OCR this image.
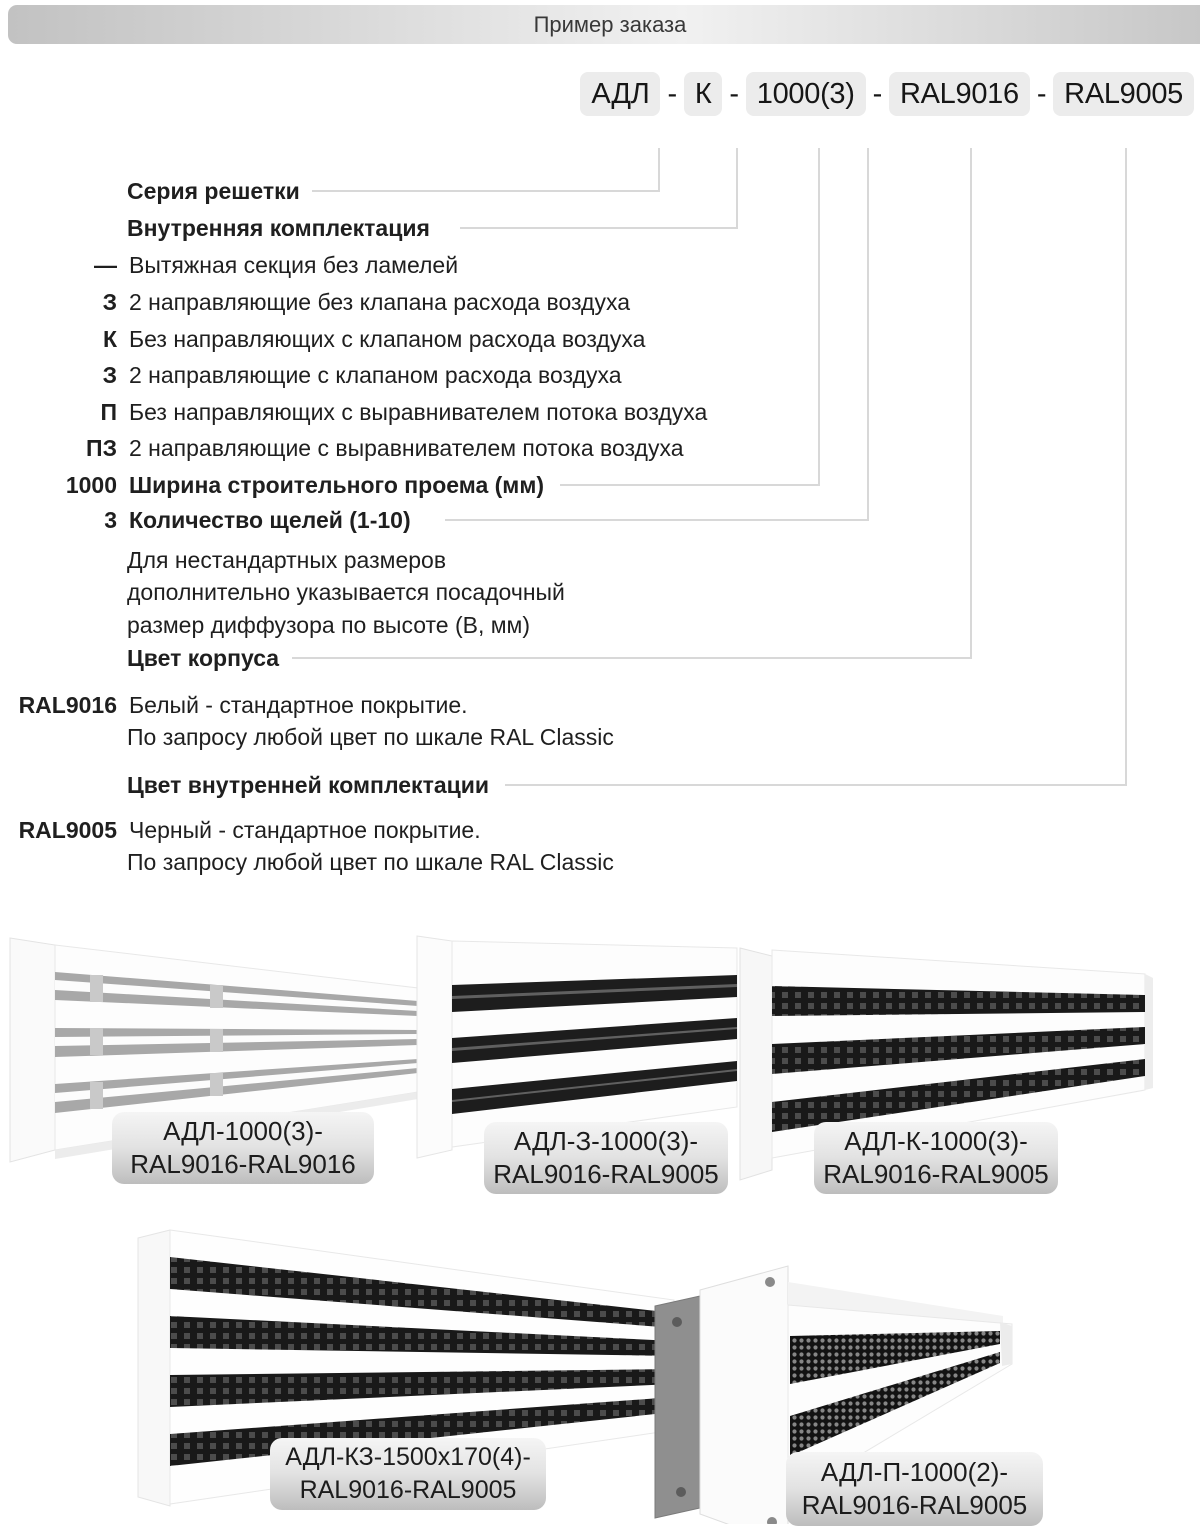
Пример заказа
АДЛ - К - 1000(3) - RAL9016 - RAL9005
Серия решетки
Внутренняя комплектация
— Вытяжная секция без ламелей
З 2 направляющие без клапана расхода воздуха
К Без направляющих с клапаном расхода воздуха
З 2 направляющие с клапаном расхода воздуха
П Без направляющих с выравнивателем потока воздуха
ПЗ 2 направляющие с выравнивателем потока воздуха
1000 Ширина строительного проема (мм)
3 Количество щелей (1-10)
Для нестандартных размеров
дополнительно указывается посадочный
размер диффузора по высоте (В, мм)
Цвет корпуса
RAL9016 Белый - стандартное покрытие.
По запросу любой цвет по шкале RAL Classic
Цвет внутренней комплектации
RAL9005 Черный - стандартное покрытие.
По запросу любой цвет по шкале RAL Classic
АДЛ-1000(3)-
RAL9016-RAL9016
АДЛ-З-1000(3)-
RAL9016-RAL9005
АДЛ-К-1000(3)-
RAL9016-RAL9005
АДЛ-КЗ-1500х170(4)-
RAL9016-RAL9005
АДЛ-П-1000(2)-
RAL9016-RAL9005
